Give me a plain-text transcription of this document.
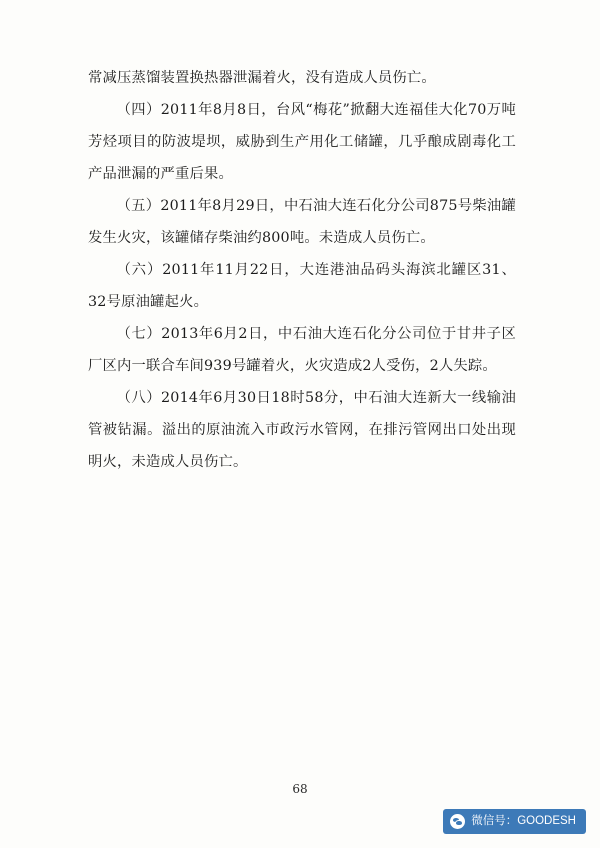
常减压蒸馏装置换热器泄漏着火，没有造成人员伤亡。

（四）2011年8月8日，台风“梅花”掀翻大连福佳大化70万吨芳烃项目的防波堤坝，威胁到生产用化工储罐，几乎酿成剧毒化工产品泄漏的严重后果。

（五）2011年8月29日，中石油大连石化分公司875号柴油罐发生火灾，该罐储存柴油约800吨。未造成人员伤亡。

（六）2011年11月22日，大连港油品码头海滨北罐区31、32号原油罐起火。

（七）2013年6月2日，中石油大连石化分公司位于甘井子区厂区内一联合车间939号罐着火，火灾造成2人受伤，2人失踪。

（八）2014年6月30日18时58分，中石油大连新大一线输油管被钻漏。溢出的原油流入市政污水管网，在排污管网出口处出现明火，未造成人员伤亡。

68
微信号：GOODESH
